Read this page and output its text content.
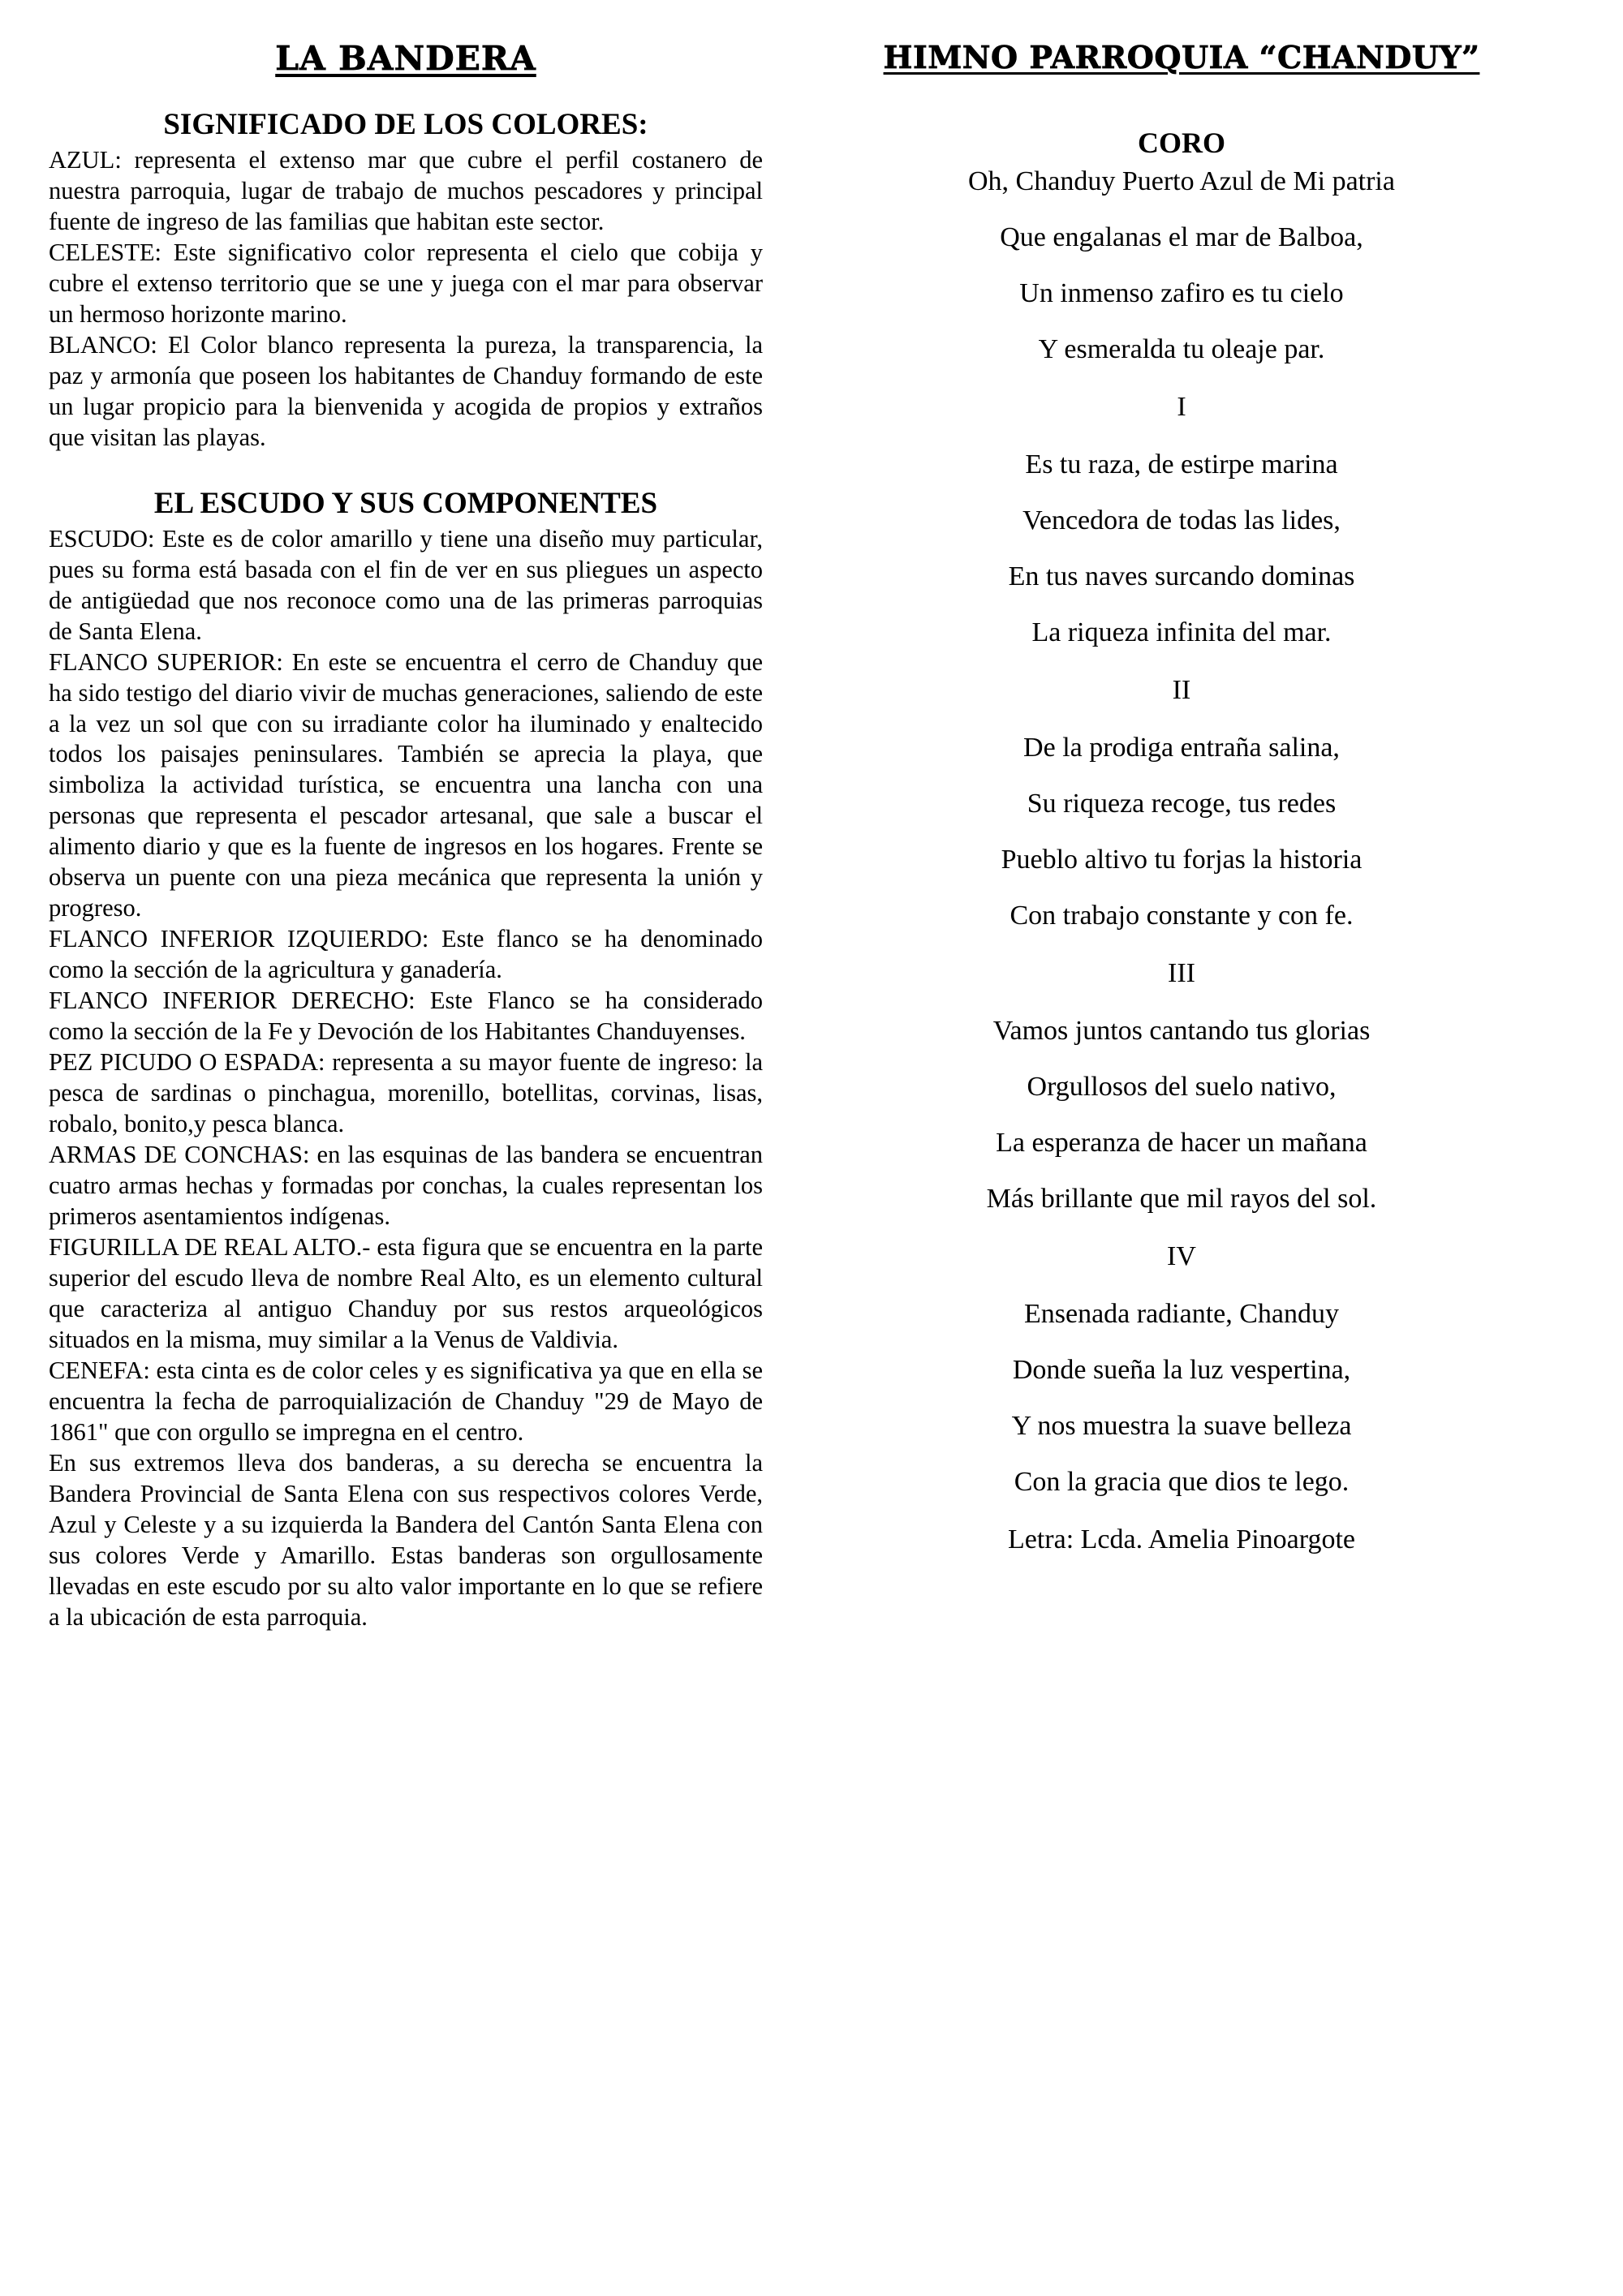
LA BANDERA
SIGNIFICADO DE LOS COLORES:

AZUL: representa el extenso mar que cubre el perfil costanero de nuestra parroquia, lugar de trabajo de muchos pescadores y principal fuente de ingreso de las familias que habitan este sector.

CELESTE: Este significativo color representa el cielo que cobija y cubre el extenso territorio que se une y juega con el mar para observar un hermoso horizonte marino.

BLANCO: El Color blanco representa la pureza, la transparencia, la paz y armonía que poseen los habitantes de Chanduy formando de este un lugar propicio para la bienvenida y acogida de propios y extraños que visitan las playas.

EL ESCUDO Y SUS COMPONENTES

ESCUDO: Este es de color amarillo y tiene una diseño muy particular, pues su forma está basada con el fin de ver en sus pliegues un aspecto de antigüedad que nos reconoce como una de las primeras parroquias de Santa Elena.

FLANCO SUPERIOR: En este se encuentra el cerro de Chanduy que ha sido testigo del diario vivir de muchas generaciones, saliendo de este a la vez un sol que con su irradiante color ha iluminado y enaltecido todos los paisajes peninsulares. También se aprecia la playa, que simboliza la actividad turística, se encuentra una lancha con una personas que representa el pescador artesanal, que sale a buscar el alimento diario y que es la fuente de ingresos en los hogares. Frente se observa un puente con una pieza mecánica que representa la unión y progreso.

FLANCO INFERIOR IZQUIERDO: Este flanco se ha denominado como la sección de la agricultura y ganadería.

FLANCO INFERIOR DERECHO: Este Flanco se ha considerado como la sección de la Fe y Devoción de los Habitantes Chanduyenses.

PEZ PICUDO O ESPADA: representa a su mayor fuente de ingreso: la pesca de sardinas o pinchagua, morenillo, botellitas, corvinas, lisas, robalo, bonito,y pesca blanca.

ARMAS DE CONCHAS: en las esquinas de las bandera se encuentran cuatro armas hechas y formadas por conchas, la cuales representan los primeros asentamientos indígenas.

FIGURILLA DE REAL ALTO.- esta figura que se encuentra en la parte superior del escudo lleva de nombre Real Alto, es un elemento cultural que caracteriza al antiguo Chanduy por sus restos arqueológicos situados en la misma, muy similar a la Venus de Valdivia.

CENEFA: esta cinta es de color celes y es significativa ya que en ella se encuentra la fecha de parroquialización de Chanduy "29 de Mayo de 1861" que con orgullo se impregna en el centro.

En sus extremos lleva dos banderas, a su derecha se encuentra la Bandera Provincial de Santa Elena con sus respectivos colores Verde, Azul y Celeste y a su izquierda la Bandera del Cantón Santa Elena con sus colores Verde y Amarillo. Estas banderas son orgullosamente llevadas en este escudo por su alto valor importante en lo que se refiere a la ubicación de esta parroquia.

HIMNO PARROQUIA “CHANDUY”
CORO

Oh, Chanduy Puerto Azul de Mi patria

Que engalanas el mar de Balboa,

Un inmenso zafiro es tu cielo

Y esmeralda tu oleaje par.

I

Es tu raza, de estirpe marina

Vencedora de todas las lides,

En tus naves surcando dominas

La riqueza infinita del mar.

II

De la prodiga entraña salina,

Su riqueza recoge, tus redes

Pueblo altivo tu forjas la historia

Con trabajo constante y con fe.

III

Vamos juntos cantando tus glorias

Orgullosos del suelo nativo,

La esperanza de hacer un mañana

Más brillante que mil rayos del sol.

IV

Ensenada radiante, Chanduy

Donde sueña la luz vespertina,

Y nos muestra la suave belleza

Con la gracia que dios te lego.

Letra: Lcda. Amelia Pinoargote
